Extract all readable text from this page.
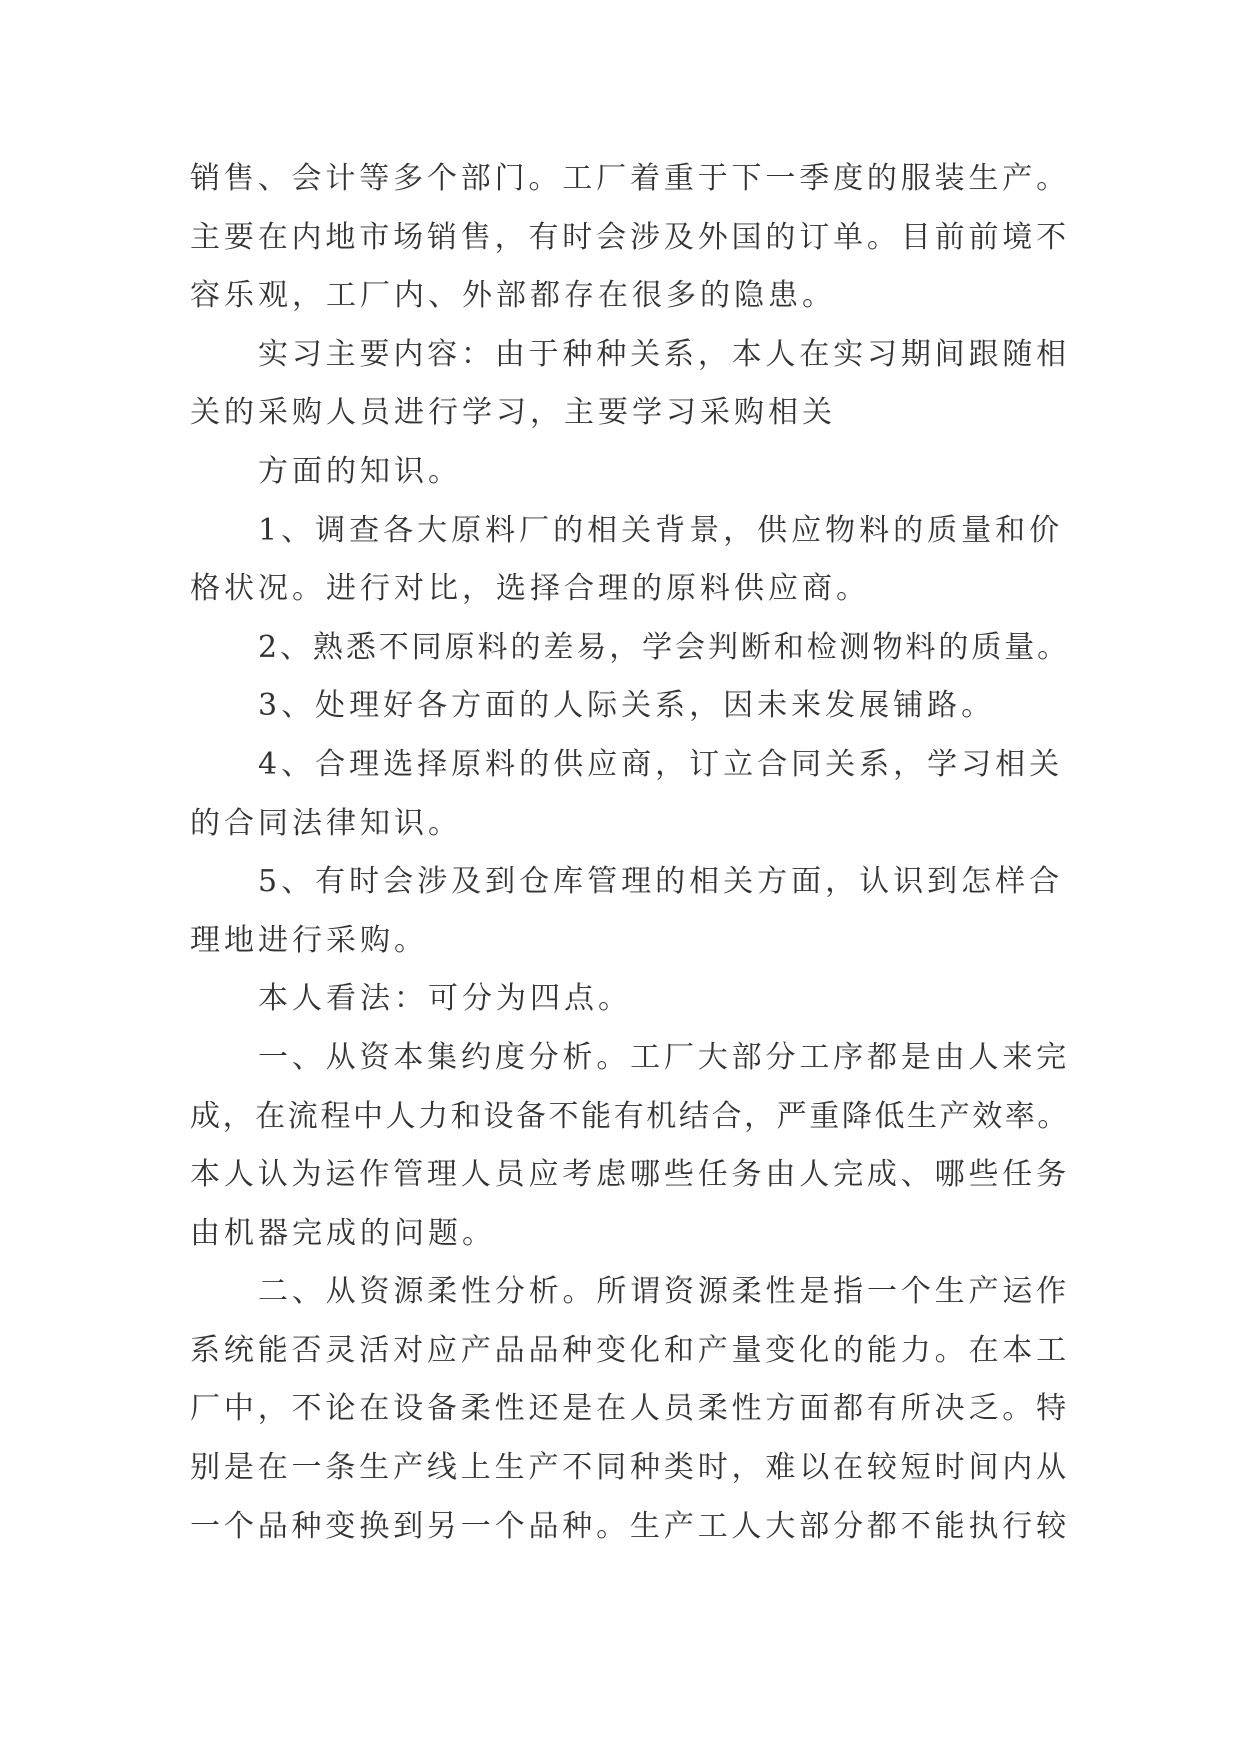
销售、会计等多个部门。工厂着重于下一季度的服装生产。
主要在内地市场销售，有时会涉及外国的订单。目前前境不
容乐观，工厂内、外部都存在很多的隐患。
实习主要内容：由于种种关系，本人在实习期间跟随相
关的采购人员进行学习，主要学习采购相关
方面的知识。
1、调查各大原料厂的相关背景，供应物料的质量和价
格状况。进行对比，选择合理的原料供应商。
2、熟悉不同原料的差易，学会判断和检测物料的质量。
3、处理好各方面的人际关系，因未来发展铺路。
4、合理选择原料的供应商，订立合同关系，学习相关
的合同法律知识。
5、有时会涉及到仓库管理的相关方面，认识到怎样合
理地进行采购。
本人看法：可分为四点。
一、从资本集约度分析。工厂大部分工序都是由人来完
成，在流程中人力和设备不能有机结合，严重降低生产效率。
本人认为运作管理人员应考虑哪些任务由人完成、哪些任务
由机器完成的问题。
二、从资源柔性分析。所谓资源柔性是指一个生产运作
系统能否灵活对应产品品种变化和产量变化的能力。在本工
厂中，不论在设备柔性还是在人员柔性方面都有所决乏。特
别是在一条生产线上生产不同种类时，难以在较短时间内从
一个品种变换到另一个品种。生产工人大部分都不能执行较
